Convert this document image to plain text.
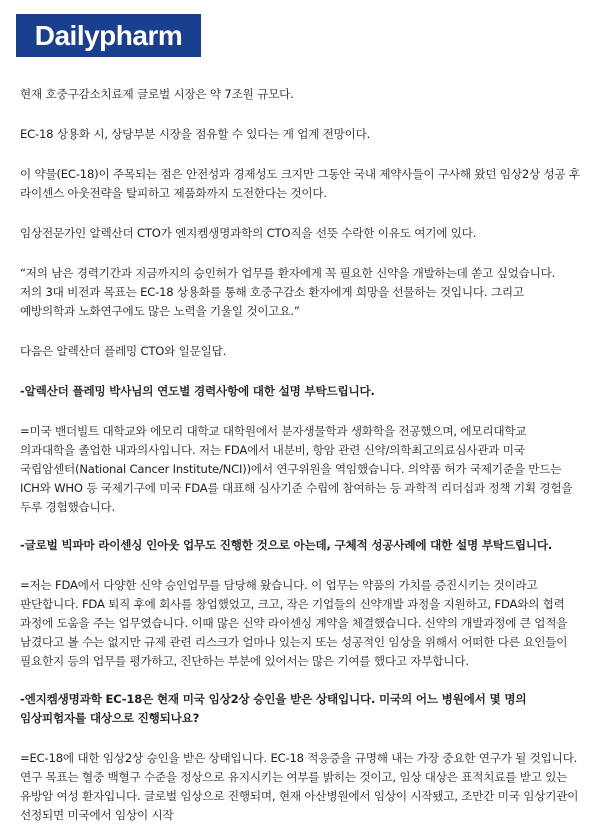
Dailypharm

현재 호중구감소치료제 글로벌 시장은 약 7조원 규모다.

EC-18 상용화 시, 상당부분 시장을 점유할 수 있다는 게 업계 전망이다.

이 약물(EC-18)이 주목되는 점은 안전성과 경제성도 크지만 그동안 국내 제약사들이 구사해 왔던 임상2상 성공 후 라이센스 아웃전략을 탈피하고 제품화까지 도전한다는 것이다.

임상전문가인 알렉산더 CTO가 엔지켐생명과학의 CTO직을 선뜻 수락한 이유도 여기에 있다.

“저의 남은 경력기간과 지금까지의 승인허가 업무를 환자에게 꼭 필요한 신약을 개발하는데 쏟고 싶었습니다. 저의 3대 비전과 목표는 EC-18 상용화를 통해 호중구감소 환자에게 희망을 선물하는 것입니다. 그리고 예방의학과 노화연구에도 많은 노력을 기울일 것이고요.”

다음은 알렉산더 플레밍 CTO와 일문일답.

-알렉산더 플레밍 박사님의 연도별 경력사항에 대한 설명 부탁드립니다.

=미국 밴더빌트 대학교와 에모리 대학교 대학원에서 분자생물학과 생화학을 전공했으며, 에모리대학교 의과대학을 졸업한 내과의사입니다. 저는 FDA에서 내분비, 항암 관련 신약/의학최고의료심사관과 미국 국립암센터(National Cancer Institute/NCI))에서 연구위원을 역임했습니다. 의약품 허가 국제기준을 만드는 ICH와 WHO 등 국제기구에 미국 FDA를 대표해 심사기준 수립에 참여하는 등 과학적 리더십과 정책 기획 경험을 두루 경험했습니다.

-글로벌 빅파마 라이센싱 인아웃 업무도 진행한 것으로 아는데, 구체적 성공사례에 대한 설명 부탁드립니다.

=저는 FDA에서 다양한 신약 승인업무를 담당해 왔습니다. 이 업무는 약품의 가치를 증진시키는 것이라고 판단합니다. FDA 퇴직 후에 회사를 창업했었고, 크고, 작은 기업들의 신약개발 과정을 지원하고, FDA와의 협력 과정에 도움을 주는 업무였습니다. 이때 많은 신약 라이센싱 계약을 체결했습니다. 신약의 개발과정에 큰 업적을 남겼다고 볼 수는 없지만 규제 관련 리스크가 얼마나 있는지 또는 성공적인 임상을 위해서 어떠한 다른 요인들이 필요한지 등의 업무를 평가하고, 진단하는 부분에 있어서는 많은 기여를 했다고 자부합니다.

-엔지켐생명과학 EC-18은 현재 미국 임상2상 승인을 받은 상태입니다. 미국의 어느 병원에서 몇 명의 임상피험자를 대상으로 진행되나요?

=EC-18에 대한 임상2상 승인을 받은 상태입니다. EC-18 적응증을 규명해 내는 가장 중요한 연구가 될 것입니다. 연구 목표는 혈중 백혈구 수준을 정상으로 유지시키는 여부를 밝히는 것이고, 임상 대상은 표적치료를 받고 있는 유방암 여성 환자입니다. 글로벌 임상으로 진행되며, 현재 아산병원에서 임상이 시작됐고, 조만간 미국 임상기관이 선정되면 미국에서 임상이 시작
